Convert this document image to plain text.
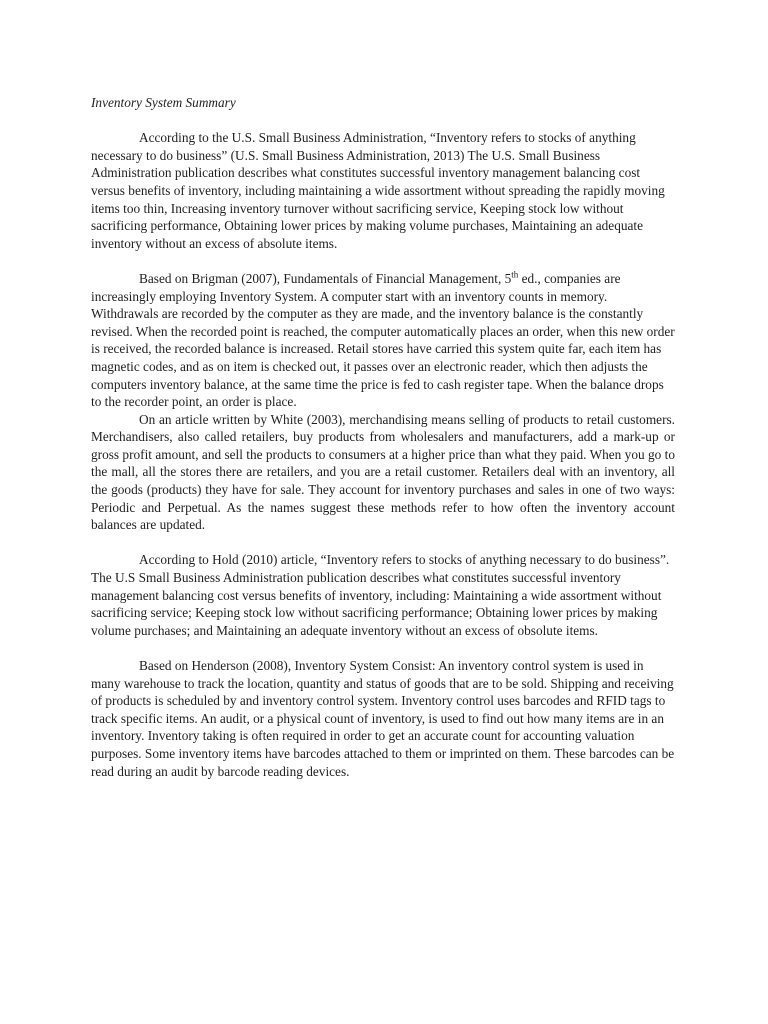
Inventory System Summary

According to the U.S. Small Business Administration, “Inventory refers to stocks of anything necessary to do business” (U.S. Small Business Administration, 2013) The U.S. Small Business Administration publication describes what constitutes successful inventory management balancing cost versus benefits of inventory, including maintaining a wide assortment without spreading the rapidly moving items too thin, Increasing inventory turnover without sacrificing service, Keeping stock low without sacrificing performance, Obtaining lower prices by making volume purchases, Maintaining an adequate inventory without an excess of absolute items.

Based on Brigman (2007), Fundamentals of Financial Management, 5th ed., companies are increasingly employing Inventory System. A computer start with an inventory counts in memory. Withdrawals are recorded by the computer as they are made, and the inventory balance is the constantly revised. When the recorded point is reached, the computer automatically places an order, when this new order is received, the recorded balance is increased. Retail stores have carried this system quite far, each item has magnetic codes, and as on item is checked out, it passes over an electronic reader, which then adjusts the computers inventory balance, at the same time the price is fed to cash register tape. When the balance drops to the recorder point, an order is place.

On an article written by White (2003), merchandising means selling of products to retail customers. Merchandisers, also called retailers, buy products from wholesalers and manufacturers, add a mark-up or gross profit amount, and sell the products to consumers at a higher price than what they paid. When you go to the mall, all the stores there are retailers, and you are a retail customer. Retailers deal with an inventory, all the goods (products) they have for sale. They account for inventory purchases and sales in one of two ways: Periodic and Perpetual. As the names suggest these methods refer to how often the inventory account balances are updated.

According to Hold (2010) article, “Inventory refers to stocks of anything necessary to do business”. The U.S Small Business Administration publication describes what constitutes successful inventory management balancing cost versus benefits of inventory, including: Maintaining a wide assortment without sacrificing service; Keeping stock low without sacrificing performance; Obtaining lower prices by making volume purchases; and Maintaining an adequate inventory without an excess of obsolute items.

Based on Henderson (2008), Inventory System Consist: An inventory control system is used in many warehouse to track the location, quantity and status of goods that are to be sold. Shipping and receiving of products is scheduled by and inventory control system. Inventory control uses barcodes and RFID tags to track specific items. An audit, or a physical count of inventory, is used to find out how many items are in an inventory. Inventory taking is often required in order to get an accurate count for accounting valuation purposes. Some inventory items have barcodes attached to them or imprinted on them. These barcodes can be read during an audit by barcode reading devices.
